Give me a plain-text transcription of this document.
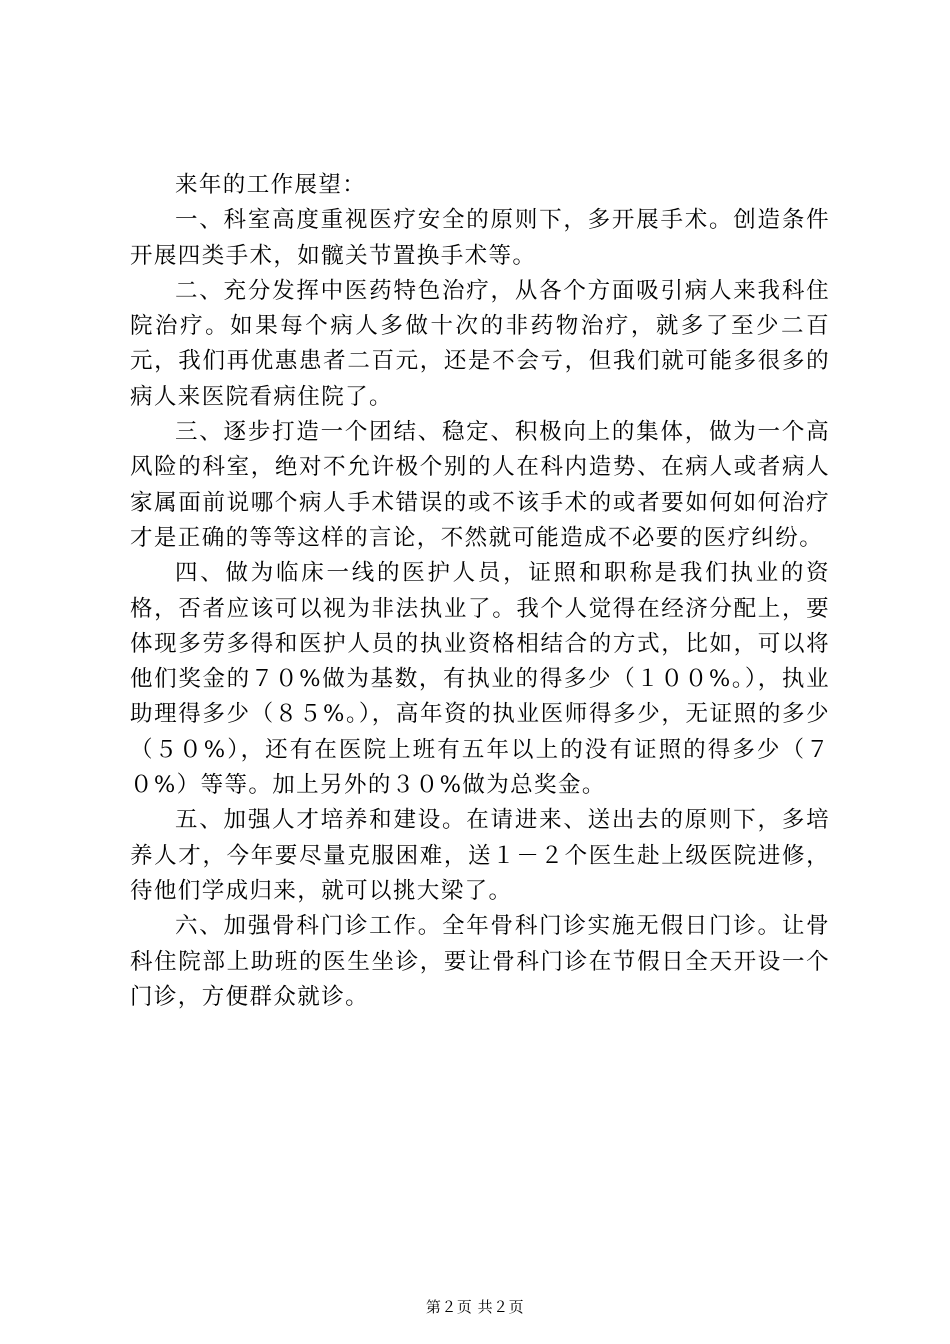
来年的工作展望：

一、科室高度重视医疗安全的原则下，多开展手术。创造条件开展四类手术，如髋关节置换手术等。

二、充分发挥中医药特色治疗，从各个方面吸引病人来我科住院治疗。如果每个病人多做十次的非药物治疗，就多了至少二百元，我们再优惠患者二百元，还是不会亏，但我们就可能多很多的病人来医院看病住院了。

三、逐步打造一个团结、稳定、积极向上的集体，做为一个高风险的科室，绝对不允许极个别的人在科内造势、在病人或者病人家属面前说哪个病人手术错误的或不该手术的或者要如何如何治疗才是正确的等等这样的言论，不然就可能造成不必要的医疗纠纷。

四、做为临床一线的医护人员，证照和职称是我们执业的资格，否者应该可以视为非法执业了。我个人觉得在经济分配上，要体现多劳多得和医护人员的执业资格相结合的方式，比如，可以将他们奖金的７０%做为基数，有执业的得多少（１００%。），执业助理得多少（８５%。），高年资的执业医师得多少，无证照的多少（５０%），还有在医院上班有五年以上的没有证照的得多少（７０%）等等。加上另外的３０%做为总奖金。

五、加强人才培养和建设。在请进来、送出去的原则下，多培养人才，今年要尽量克服困难，送１－２个医生赴上级医院进修，待他们学成归来，就可以挑大梁了。

六、加强骨科门诊工作。全年骨科门诊实施无假日门诊。让骨科住院部上助班的医生坐诊，要让骨科门诊在节假日全天开设一个门诊，方便群众就诊。

第２页 共２页
